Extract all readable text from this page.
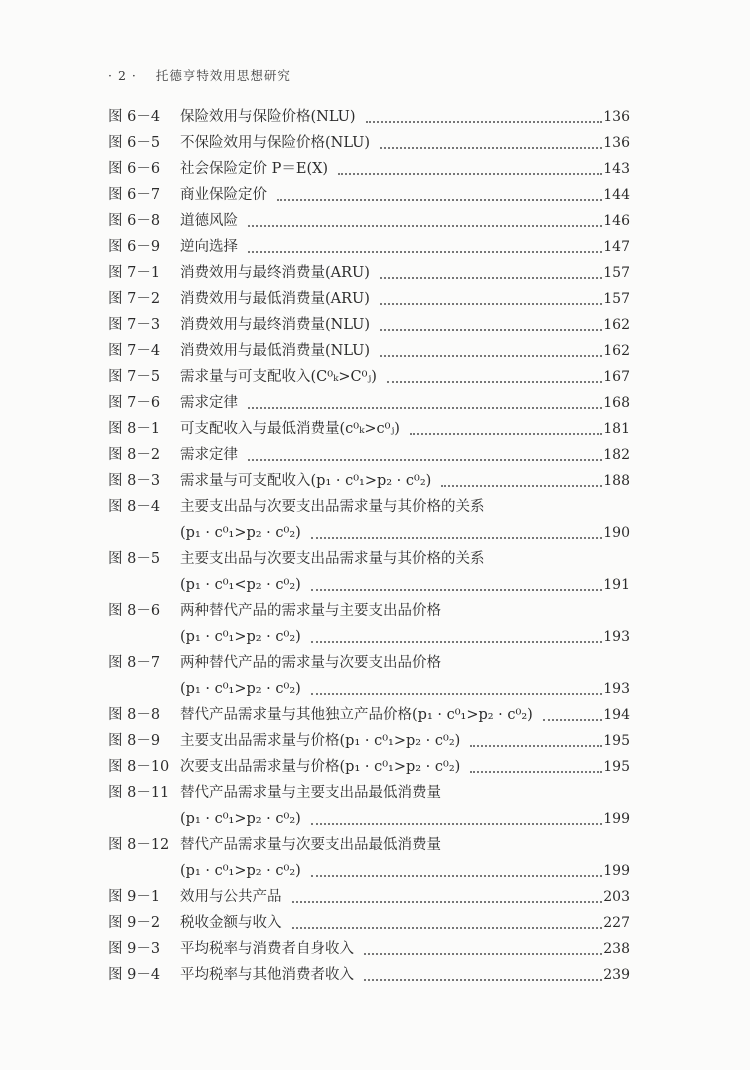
· 2 · 托德亨特效用思想研究
图 6－4 保险效用与保险价格(NLU)	136
图 6－5 不保险效用与保险价格(NLU)	136
图 6－6 社会保险定价 P＝E(X)	143
图 6－7 商业保险定价	144
图 6－8 道德风险	146
图 6－9 逆向选择	147
图 7－1 消费效用与最终消费量(ARU)	157
图 7－2 消费效用与最低消费量(ARU)	157
图 7－3 消费效用与最终消费量(NLU)	162
图 7－4 消费效用与最低消费量(NLU)	162
图 7－5 需求量与可支配收入(C⁰ₖ>C⁰ⱼ)	167
图 7－6 需求定律	168
图 8－1 可支配收入与最低消费量(c⁰ₖ>c⁰ⱼ)	181
图 8－2 需求定律	182
图 8－3 需求量与可支配收入(p₁ · c⁰₁>p₂ · c⁰₂)	188
图 8－4 主要支出品与次要支出品需求量与其价格的关系
(p₁ · c⁰₁>p₂ · c⁰₂)	190
图 8－5 主要支出品与次要支出品需求量与其价格的关系
(p₁ · c⁰₁<p₂ · c⁰₂)	191
图 8－6 两种替代产品的需求量与主要支出品价格
(p₁ · c⁰₁>p₂ · c⁰₂)	193
图 8－7 两种替代产品的需求量与次要支出品价格
(p₁ · c⁰₁>p₂ · c⁰₂)	193
图 8－8 替代产品需求量与其他独立产品价格(p₁ · c⁰₁>p₂ · c⁰₂)	194
图 8－9 主要支出品需求量与价格(p₁ · c⁰₁>p₂ · c⁰₂)	195
图 8－10 次要支出品需求量与价格(p₁ · c⁰₁>p₂ · c⁰₂)	195
图 8－11 替代产品需求量与主要支出品最低消费量
(p₁ · c⁰₁>p₂ · c⁰₂)	199
图 8－12 替代产品需求量与次要支出品最低消费量
(p₁ · c⁰₁>p₂ · c⁰₂)	199
图 9－1 效用与公共产品	203
图 9－2 税收金额与收入	227
图 9－3 平均税率与消费者自身收入	238
图 9－4 平均税率与其他消费者收入	239
